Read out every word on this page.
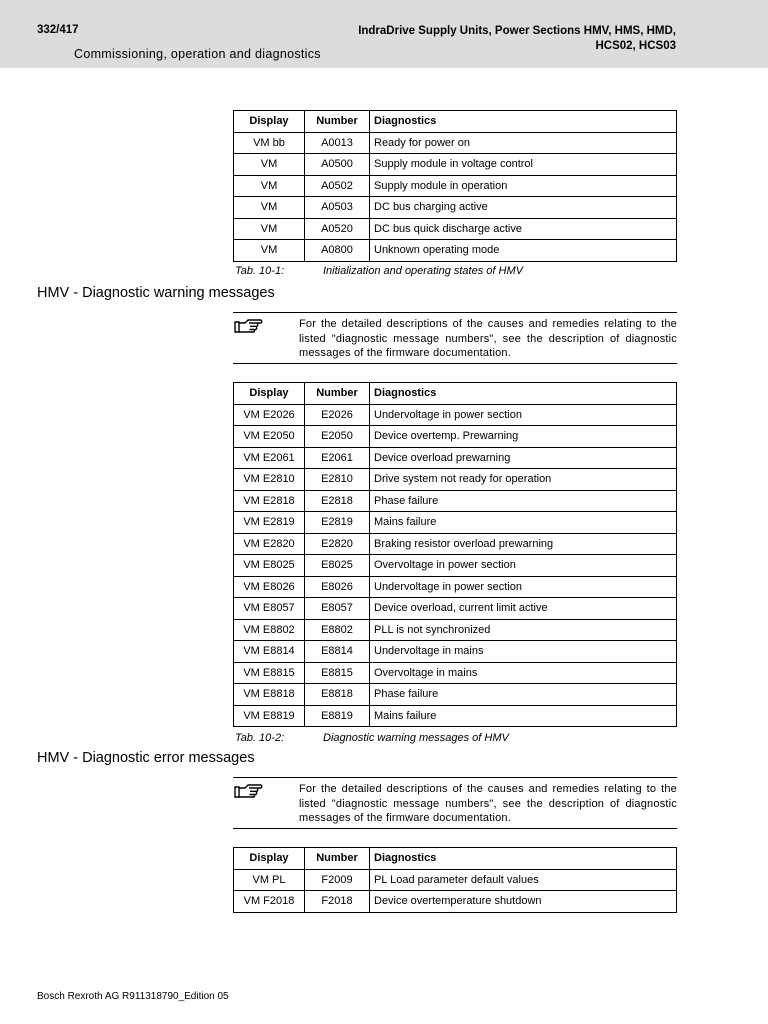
332/417
Commissioning, operation and diagnostics
IndraDrive Supply Units, Power Sections HMV, HMS, HMD,
HCS02, HCS03
Display	Number	Diagnostics
VM bb	A0013	Ready for power on
VM	A0500	Supply module in voltage control
VM	A0502	Supply module in operation
VM	A0503	DC bus charging active
VM	A0520	DC bus quick discharge active
VM	A0800	Unknown operating mode
Tab. 10-1:	Initialization and operating states of HMV
HMV - Diagnostic warning messages
For the detailed descriptions of the causes and remedies relating to the listed "diagnostic message numbers", see the description of diagnostic messages of the firmware documentation.
Display	Number	Diagnostics
VM E2026	E2026	Undervoltage in power section
VM E2050	E2050	Device overtemp. Prewarning
VM E2061	E2061	Device overload prewarning
VM E2810	E2810	Drive system not ready for operation
VM E2818	E2818	Phase failure
VM E2819	E2819	Mains failure
VM E2820	E2820	Braking resistor overload prewarning
VM E8025	E8025	Overvoltage in power section
VM E8026	E8026	Undervoltage in power section
VM E8057	E8057	Device overload, current limit active
VM E8802	E8802	PLL is not synchronized
VM E8814	E8814	Undervoltage in mains
VM E8815	E8815	Overvoltage in mains
VM E8818	E8818	Phase failure
VM E8819	E8819	Mains failure
Tab. 10-2:	Diagnostic warning messages of HMV
HMV - Diagnostic error messages
For the detailed descriptions of the causes and remedies relating to the listed "diagnostic message numbers", see the description of diagnostic messages of the firmware documentation.
Display	Number	Diagnostics
VM PL	F2009	PL Load parameter default values
VM F2018	F2018	Device overtemperature shutdown
Bosch Rexroth AG R911318790_Edition 05
